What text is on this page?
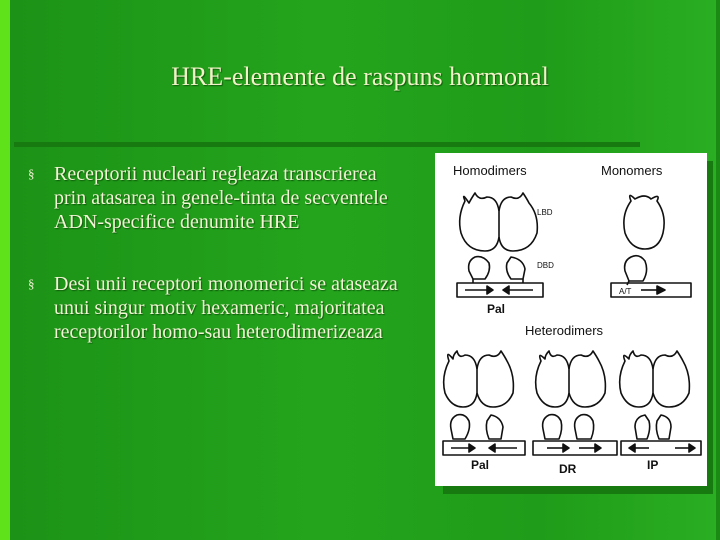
HRE-elemente de raspuns hormonal
§ Receptorii nucleari regleaza transcrierea prin atasarea in genele-tinta de secventele ADN-specifice denumite HRE
§ Desi unii receptori monomerici se ataseaza unui singur motiv hexameric, majoritatea receptorilor homo-sau heterodimerizeaza
Homodimers	Monomers
LBD
DBD
A/T
Pal
Heterodimers
Pal	DR	IP
